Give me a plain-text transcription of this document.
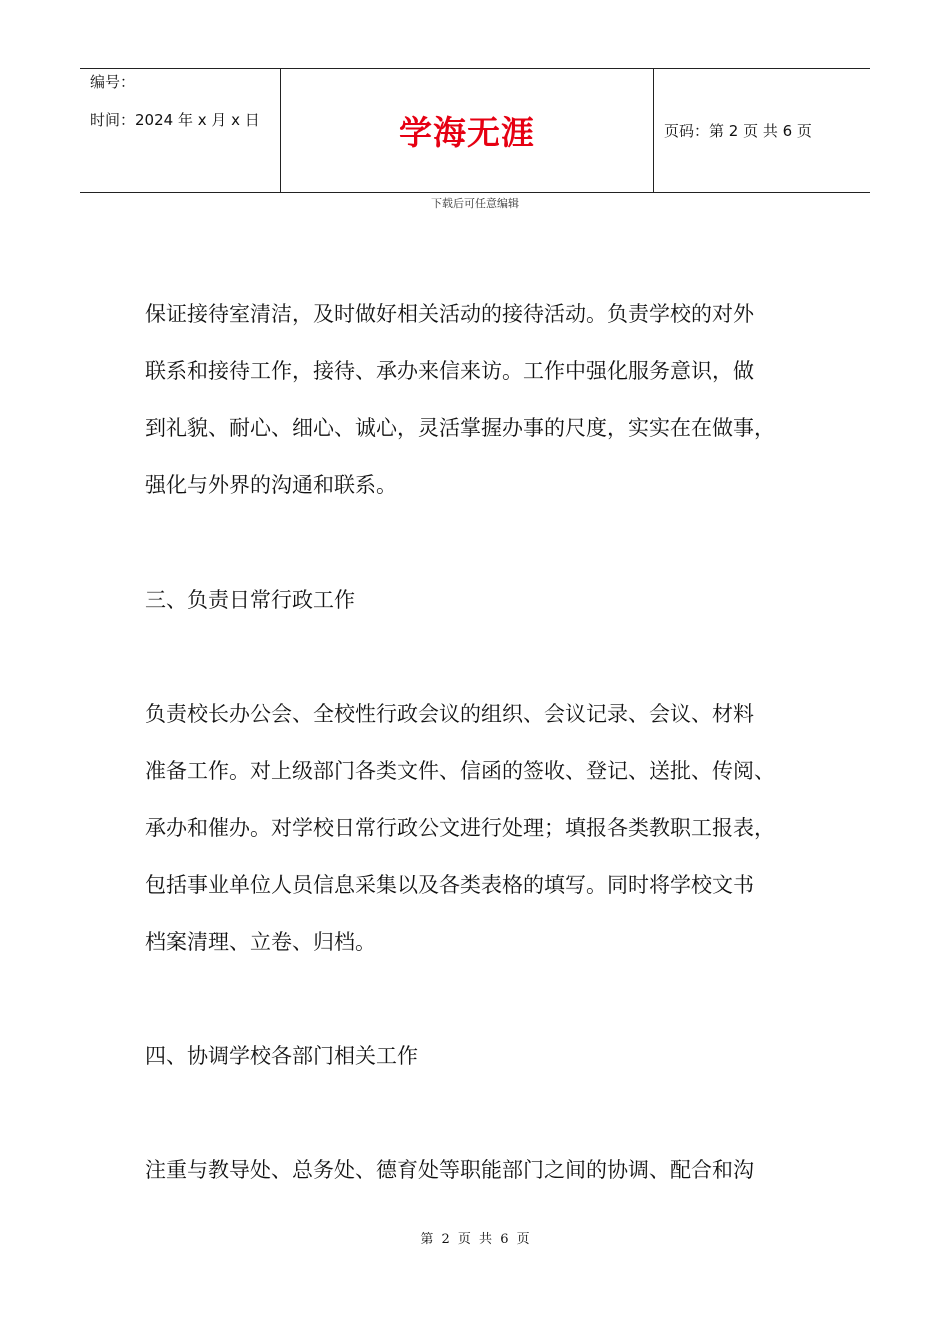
编号：
时间：2024 年 x 月 x 日	学海无涯	页码：第 2 页 共 6 页
下载后可任意编辑

保证接待室清洁，及时做好相关活动的接待活动。负责学校的对外

联系和接待工作，接待、承办来信来访。工作中强化服务意识，做

到礼貌、耐心、细心、诚心，灵活掌握办事的尺度，实实在在做事，

强化与外界的沟通和联系。

三、负责日常行政工作

负责校长办公会、全校性行政会议的组织、会议记录、会议、材料

准备工作。对上级部门各类文件、信函的签收、登记、送批、传阅、

承办和催办。对学校日常行政公文进行处理；填报各类教职工报表，

包括事业单位人员信息采集以及各类表格的填写。同时将学校文书

档案清理、立卷、归档。

四、协调学校各部门相关工作

注重与教导处、总务处、德育处等职能部门之间的协调、配合和沟

第 2 页 共 6 页
